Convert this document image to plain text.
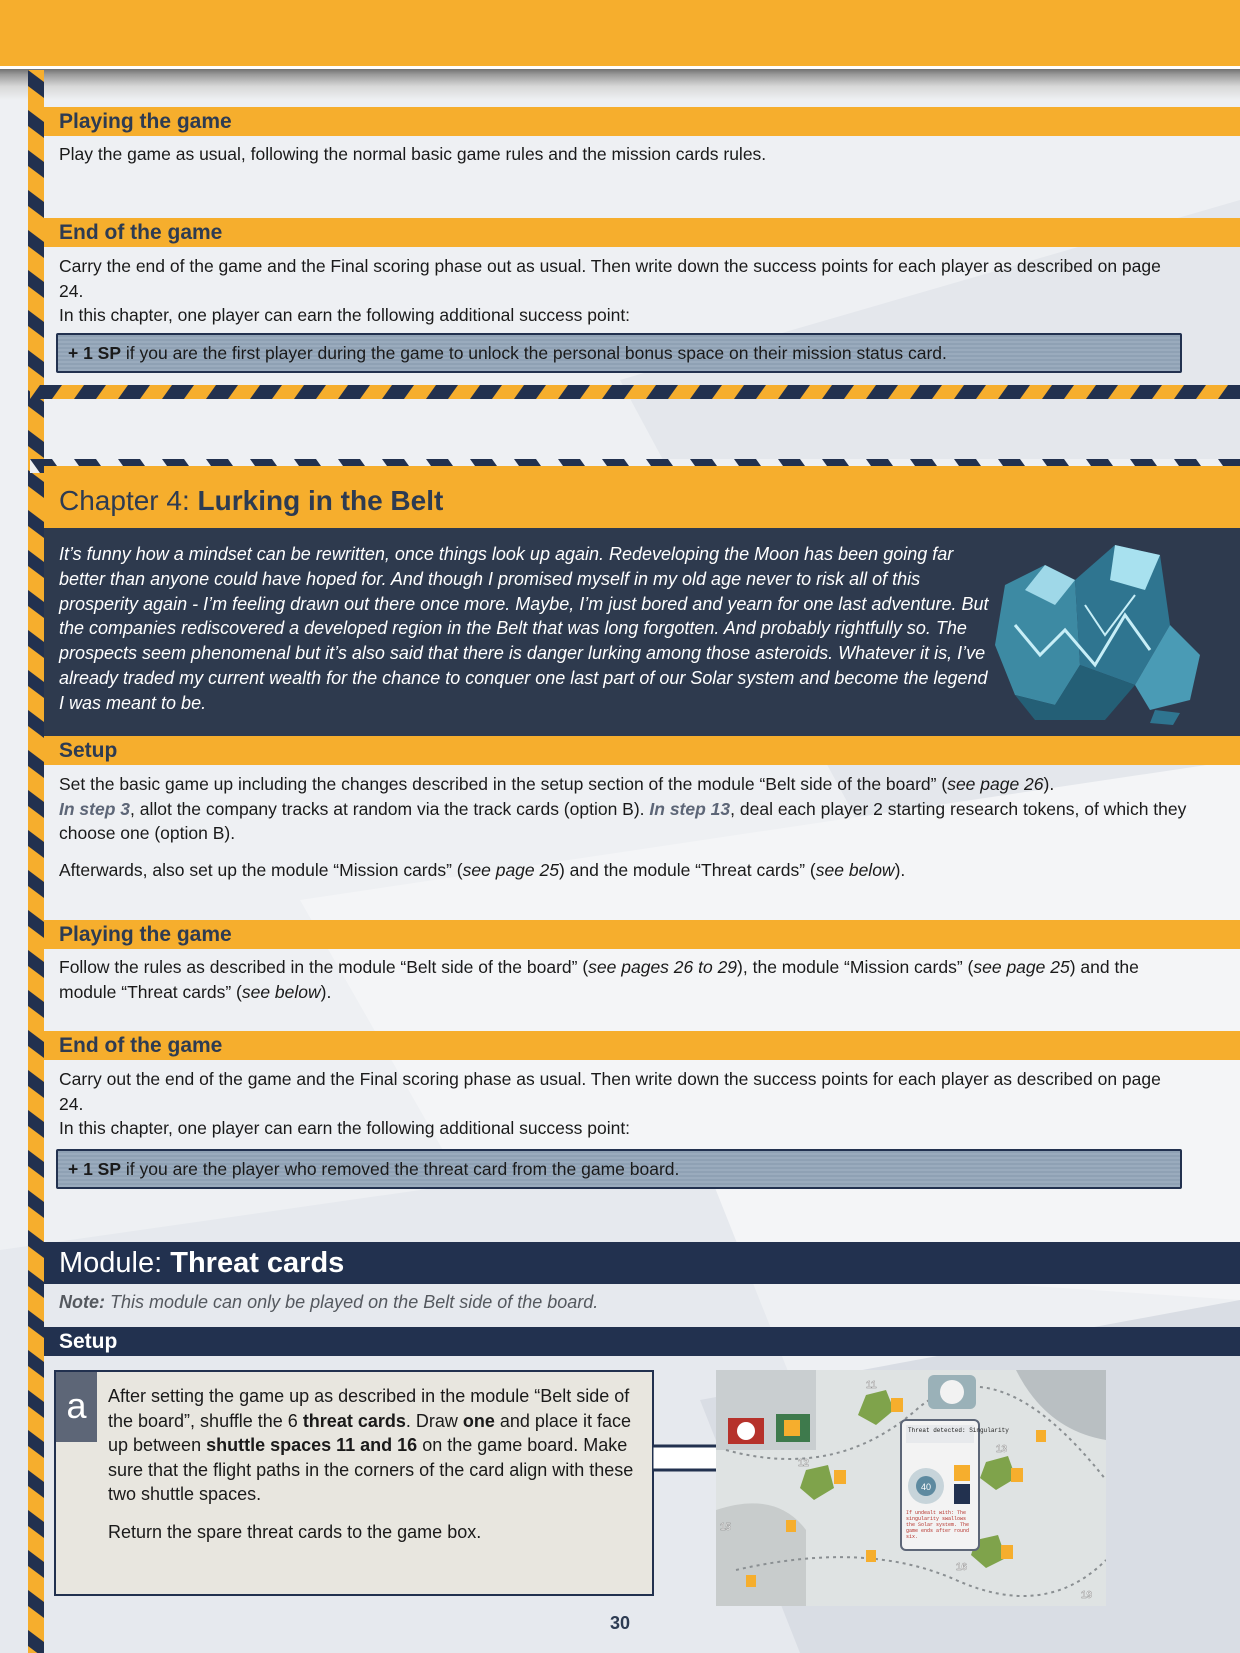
Playing the game

Play the game as usual, following the normal basic game rules and the mission cards rules.

End of the game

Carry the end of the game and the Final scoring phase out as usual. Then write down the success points for each player as described on page 24.
In this chapter, one player can earn the following additional success point:

+ 1 SP if you are the first player during the game to unlock the personal bonus space on their mission status card.
Chapter 4: Lurking in the Belt

It’s funny how a mindset can be rewritten, once things look up again. Redeveloping the Moon has been going far better than anyone could have hoped for. And though I promised myself in my old age never to risk all of this prosperity again - I’m feeling drawn out there once more. Maybe, I’m just bored and yearn for one last adventure. But the companies rediscovered a developed region in the Belt that was long forgotten. And probably rightfully so. The prospects seem phenomenal but it’s also said that there is danger lurking among those asteroids. Whatever it is, I’ve already traded my current wealth for the chance to conquer one last part of our Solar system and become the legend I was meant to be.

Setup

Set the basic game up including the changes described in the setup section of the module “Belt side of the board” (see page 26).
In step 3, allot the company tracks at random via the track cards (option B). In step 13, deal each player 2 starting research tokens, of which they choose one (option B).

Afterwards, also set up the module “Mission cards” (see page 25) and the module “Threat cards” (see below).

Playing the game

Follow the rules as described in the module “Belt side of the board” (see pages 26 to 29), the module “Mission cards” (see page 25) and the module “Threat cards” (see below).

End of the game

Carry out the end of the game and the Final scoring phase as usual. Then write down the success points for each player as described on page 24.
In this chapter, one player can earn the following additional success point:

+ 1 SP if you are the player who removed the threat card from the game board.
Module: Threat cards
Note: This module can only be played on the Belt side of the board.
Setup
a	After setting the game up as described in the module “Belt side of the board”, shuffle the 6 threat cards. Draw one and place it face up between shuttle spaces 11 and 16 on the game board. Make sure that the flight paths in the corners of the card align with these two shuttle spaces.

Return the spare threat cards to the game box.

Threat detected: Singularity
40
If undealt with: The singularity swallows the Solar system. The game ends after round six.
11
12
13
15
16
19
30
